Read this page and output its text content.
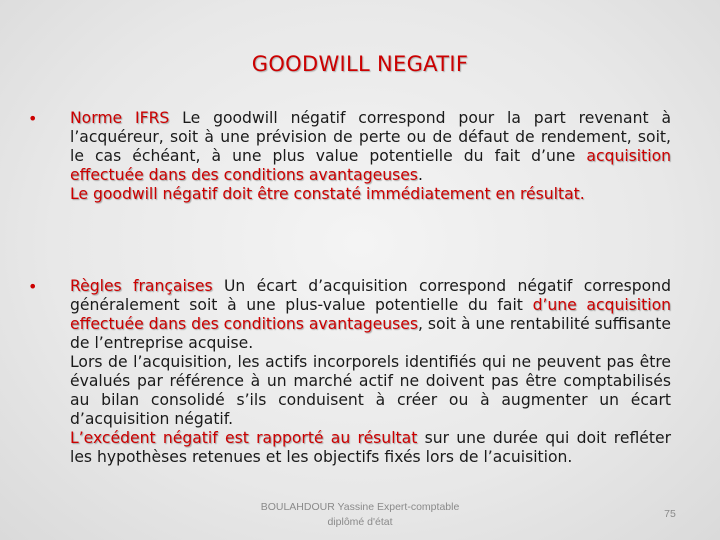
GOODWILL NEGATIF
• Norme IFRS Le goodwill négatif correspond pour la part revenant à l’acquéreur, soit à une prévision de perte ou de défaut de rendement, soit, le cas échéant, à une plus value potentielle du fait d’une acquisition effectuée dans des conditions avantageuses.

Le goodwill négatif doit être constaté immédiatement en résultat.

• Règles françaises Un écart d’acquisition correspond négatif correspond généralement soit à une plus-value potentielle du fait d’une acquisition effectuée dans des conditions avantageuses, soit à une rentabilité suffisante de l’entreprise acquise.

Lors de l’acquisition, les actifs incorporels identifiés qui ne peuvent pas être évalués par référence à un marché actif ne doivent pas être comptabilisés au bilan consolidé s’ils conduisent à créer ou à augmenter un écart d’acquisition négatif.

L’excédent négatif est rapporté au résultat sur une durée qui doit refléter les hypothèses retenues et les objectifs fixés lors de l’acuisition.

BOULAHDOUR Yassine Expert-comptable
diplômé d'état
75
